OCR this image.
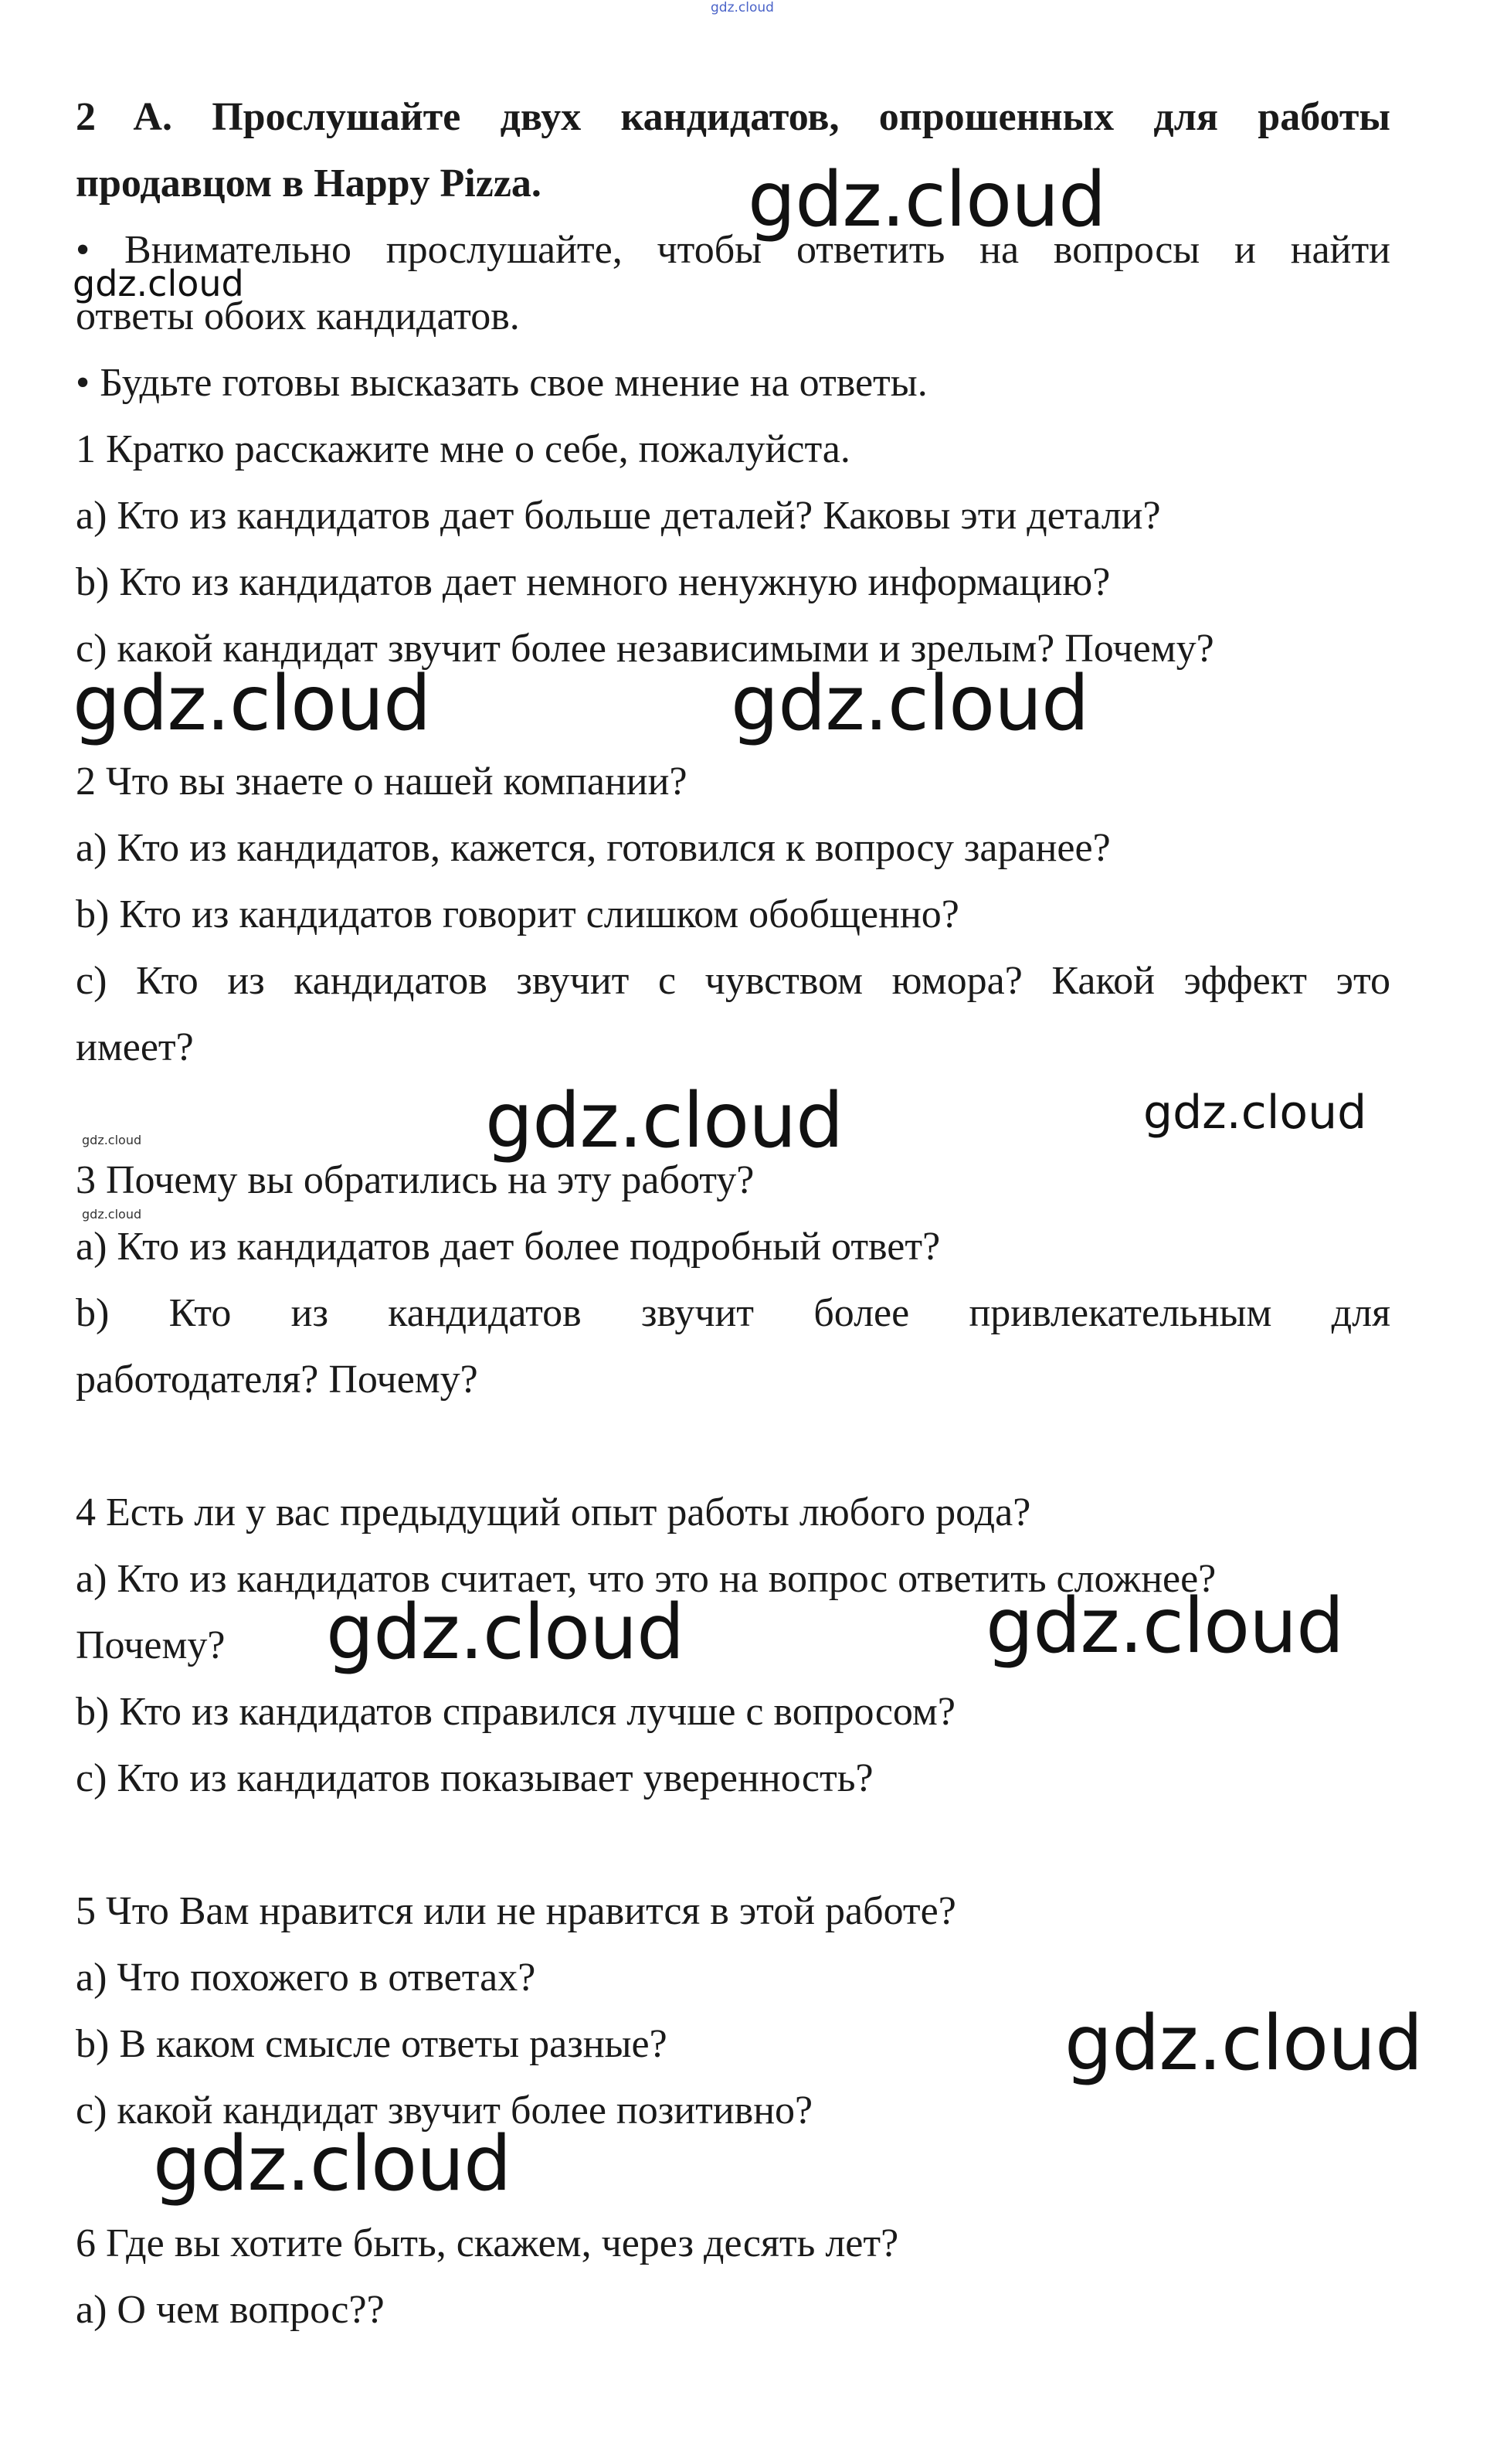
gdz.cloud
2 A. Прослушайте двух кандидатов, опрошенных для работы
продавцом в Happy Pizza.
• Внимательно прослушайте, чтобы ответить на вопросы и найти
ответы обоих кандидатов.
• Будьте готовы высказать свое мнение на ответы.
1 Кратко расскажите мне о себе, пожалуйста.
a) Кто из кандидатов дает больше деталей? Каковы эти детали?
b) Кто из кандидатов дает немного ненужную информацию?
c) какой кандидат звучит более независимыми и зрелым? Почему?
2 Что вы знаете о нашей компании?
a) Кто из кандидатов, кажется, готовился к вопросу заранее?
b) Кто из кандидатов говорит слишком обобщенно?
c) Кто из кандидатов звучит с чувством юмора? Какой эффект это
имеет?
3 Почему вы обратились на эту работу?
a) Кто из кандидатов дает более подробный ответ?
b) Кто из кандидатов звучит более привлекательным для
работодателя? Почему?
4 Есть ли у вас предыдущий опыт работы любого рода?
a) Кто из кандидатов считает, что это на вопрос ответить сложнее?
Почему?
b) Кто из кандидатов справился лучше с вопросом?
c) Кто из кандидатов показывает уверенность?
5 Что Вам нравится или не нравится в этой работе?
a) Что похожего в ответах?
b) В каком смысле ответы разные?
c) какой кандидат звучит более позитивно?
6 Где вы хотите быть, скажем, через десять лет?
a) О чем вопрос??
gdz.cloud
gdz.cloud
gdz.cloud	gdz.cloud
gdz.cloud	gdz.cloud
gdz.cloud
gdz.cloud
gdz.cloud	gdz.cloud
gdz.cloud
gdz.cloud
